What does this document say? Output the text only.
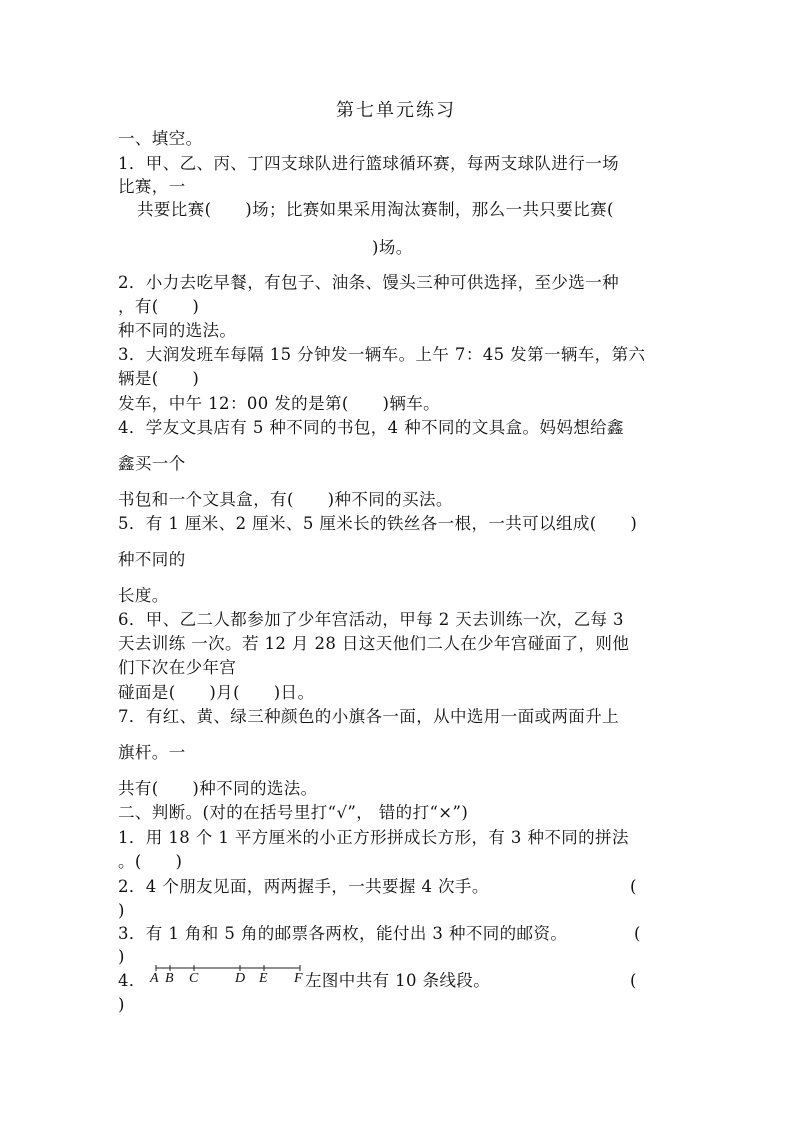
第七单元练习
一、填空。
1．甲、乙、丙、丁四支球队进行篮球循环赛，每两支球队进行一场
比赛，一
共要比赛(　　)场；比赛如果采用淘汰赛制，那么一共只要比赛(
)场。
2．小力去吃早餐，有包子、油条、馒头三种可供选择，至少选一种
，有(　　)
种不同的选法。
3．大润发班车每隔 15 分钟发一辆车。上午 7：45 发第一辆车，第六
辆是(　　)
发车，中午 12：00 发的是第(　　)辆车。
4．学友文具店有 5 种不同的书包，4 种不同的文具盒。妈妈想给鑫
鑫买一个
书包和一个文具盒，有(　　)种不同的买法。
5．有 1 厘米、2 厘米、5 厘米长的铁丝各一根，一共可以组成(　　)
种不同的
长度。
6．甲、乙二人都参加了少年宫活动，甲每 2 天去训练一次，乙每 3
天去训练 一次。若 12 月 28 日这天他们二人在少年宫碰面了，则他
们下次在少年宫
碰面是(　　)月(　　)日。
7．有红、黄、绿三种颜色的小旗各一面，从中选用一面或两面升上
旗杆。一
共有(　　)种不同的选法。
二、判断。(对的在括号里打“√”， 错的打“×”)
1．用 18 个 1 平方厘米的小正方形拼成长方形，有 3 种不同的拼法
。(　　)
2．4 个朋友见面，两两握手，一共要握 4 次手。	(
)
3．有 1 角和 5 角的邮票各两枚，能付出 3 种不同的邮资。	(
)
4． A B C	D E F 左图中共有 10 条线段。	(
)
